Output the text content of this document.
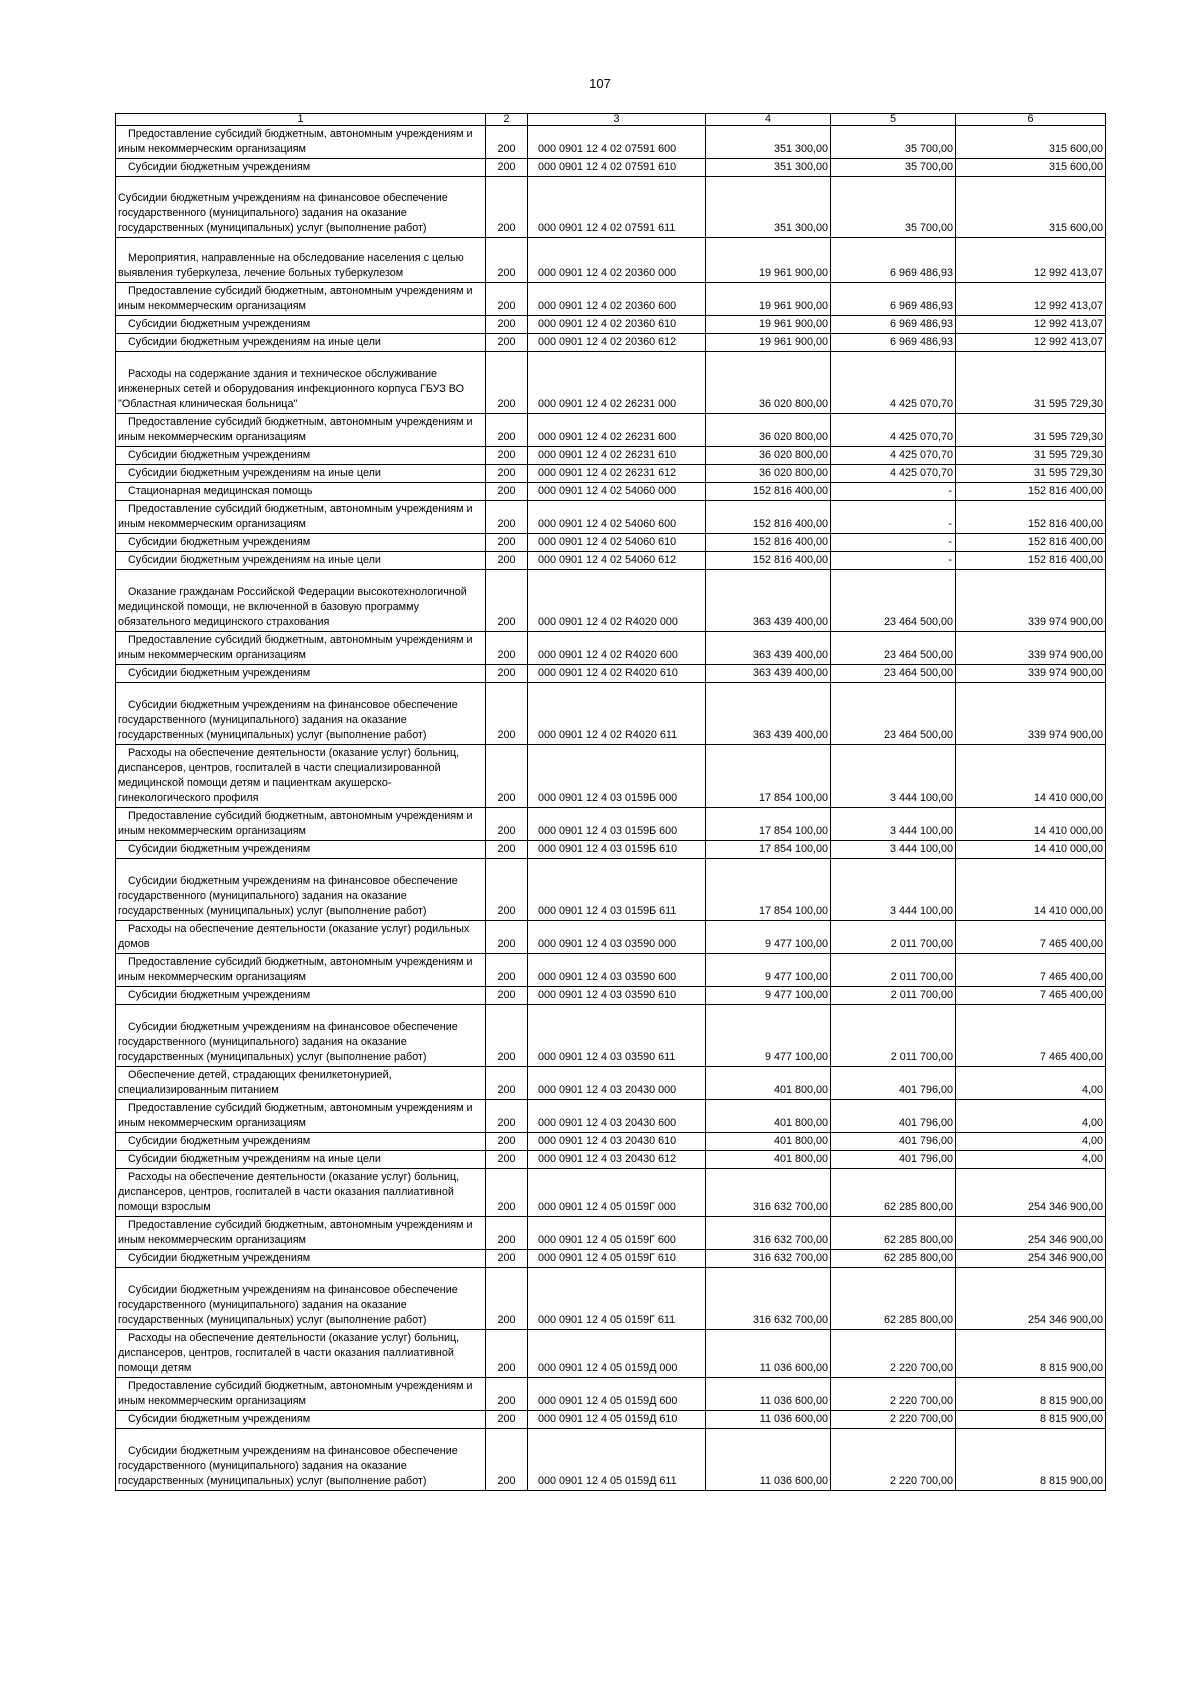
107
1	2	3	4	5	6
Предоставление субсидий бюджетным, автономным учреждениям и иным некоммерческим организациям	200	000 0901 12 4 02 07591 600	351 300,00	35 700,00	315 600,00
Субсидии бюджетным учреждениям	200	000 0901 12 4 02 07591 610	351 300,00	35 700,00	315 600,00
Субсидии бюджетным учреждениям на финансовое обеспечение государственного (муниципального) задания на оказание государственных (муниципальных) услуг (выполнение работ)	200	000 0901 12 4 02 07591 611	351 300,00	35 700,00	315 600,00
Мероприятия, направленные на обследование населения с целью выявления туберкулеза, лечение больных туберкулезом	200	000 0901 12 4 02 20360 000	19 961 900,00	6 969 486,93	12 992 413,07
Предоставление субсидий бюджетным, автономным учреждениям и иным некоммерческим организациям	200	000 0901 12 4 02 20360 600	19 961 900,00	6 969 486,93	12 992 413,07
Субсидии бюджетным учреждениям	200	000 0901 12 4 02 20360 610	19 961 900,00	6 969 486,93	12 992 413,07
Субсидии бюджетным учреждениям на иные цели	200	000 0901 12 4 02 20360 612	19 961 900,00	6 969 486,93	12 992 413,07
Расходы на содержание здания и техническое обслуживание инженерных сетей и оборудования инфекционного корпуса ГБУЗ ВО "Областная клиническая больница"	200	000 0901 12 4 02 26231 000	36 020 800,00	4 425 070,70	31 595 729,30
Предоставление субсидий бюджетным, автономным учреждениям и иным некоммерческим организациям	200	000 0901 12 4 02 26231 600	36 020 800,00	4 425 070,70	31 595 729,30
Субсидии бюджетным учреждениям	200	000 0901 12 4 02 26231 610	36 020 800,00	4 425 070,70	31 595 729,30
Субсидии бюджетным учреждениям на иные цели	200	000 0901 12 4 02 26231 612	36 020 800,00	4 425 070,70	31 595 729,30
Стационарная медицинская помощь	200	000 0901 12 4 02 54060 000	152 816 400,00	-	152 816 400,00
Предоставление субсидий бюджетным, автономным учреждениям и иным некоммерческим организациям	200	000 0901 12 4 02 54060 600	152 816 400,00	-	152 816 400,00
Субсидии бюджетным учреждениям	200	000 0901 12 4 02 54060 610	152 816 400,00	-	152 816 400,00
Субсидии бюджетным учреждениям на иные цели	200	000 0901 12 4 02 54060 612	152 816 400,00	-	152 816 400,00
Оказание гражданам Российской Федерации высокотехнологичной медицинской помощи, не включенной в базовую программу обязательного медицинского страхования	200	000 0901 12 4 02 R4020 000	363 439 400,00	23 464 500,00	339 974 900,00
Предоставление субсидий бюджетным, автономным учреждениям и иным некоммерческим организациям	200	000 0901 12 4 02 R4020 600	363 439 400,00	23 464 500,00	339 974 900,00
Субсидии бюджетным учреждениям	200	000 0901 12 4 02 R4020 610	363 439 400,00	23 464 500,00	339 974 900,00
Субсидии бюджетным учреждениям на финансовое обеспечение государственного (муниципального) задания на оказание государственных (муниципальных) услуг (выполнение работ)	200	000 0901 12 4 02 R4020 611	363 439 400,00	23 464 500,00	339 974 900,00
Расходы на обеспечение деятельности (оказание услуг) больниц, диспансеров, центров, госпиталей в части специализированной медицинской помощи детям и пациенткам акушерско-гинекологического профиля	200	000 0901 12 4 03 0159Б 000	17 854 100,00	3 444 100,00	14 410 000,00
Предоставление субсидий бюджетным, автономным учреждениям и иным некоммерческим организациям	200	000 0901 12 4 03 0159Б 600	17 854 100,00	3 444 100,00	14 410 000,00
Субсидии бюджетным учреждениям	200	000 0901 12 4 03 0159Б 610	17 854 100,00	3 444 100,00	14 410 000,00
Субсидии бюджетным учреждениям на финансовое обеспечение государственного (муниципального) задания на оказание государственных (муниципальных) услуг (выполнение работ)	200	000 0901 12 4 03 0159Б 611	17 854 100,00	3 444 100,00	14 410 000,00
Расходы на обеспечение деятельности (оказание услуг) родильных домов	200	000 0901 12 4 03 03590 000	9 477 100,00	2 011 700,00	7 465 400,00
Предоставление субсидий бюджетным, автономным учреждениям и иным некоммерческим организациям	200	000 0901 12 4 03 03590 600	9 477 100,00	2 011 700,00	7 465 400,00
Субсидии бюджетным учреждениям	200	000 0901 12 4 03 03590 610	9 477 100,00	2 011 700,00	7 465 400,00
Субсидии бюджетным учреждениям на финансовое обеспечение государственного (муниципального) задания на оказание государственных (муниципальных) услуг (выполнение работ)	200	000 0901 12 4 03 03590 611	9 477 100,00	2 011 700,00	7 465 400,00
Обеспечение детей, страдающих фенилкетонурией, специализированным питанием	200	000 0901 12 4 03 20430 000	401 800,00	401 796,00	4,00
Предоставление субсидий бюджетным, автономным учреждениям и иным некоммерческим организациям	200	000 0901 12 4 03 20430 600	401 800,00	401 796,00	4,00
Субсидии бюджетным учреждениям	200	000 0901 12 4 03 20430 610	401 800,00	401 796,00	4,00
Субсидии бюджетным учреждениям на иные цели	200	000 0901 12 4 03 20430 612	401 800,00	401 796,00	4,00
Расходы на обеспечение деятельности (оказание услуг) больниц, диспансеров, центров, госпиталей в части оказания паллиативной помощи взрослым	200	000 0901 12 4 05 0159Г 000	316 632 700,00	62 285 800,00	254 346 900,00
Предоставление субсидий бюджетным, автономным учреждениям и иным некоммерческим организациям	200	000 0901 12 4 05 0159Г 600	316 632 700,00	62 285 800,00	254 346 900,00
Субсидии бюджетным учреждениям	200	000 0901 12 4 05 0159Г 610	316 632 700,00	62 285 800,00	254 346 900,00
Субсидии бюджетным учреждениям на финансовое обеспечение государственного (муниципального) задания на оказание государственных (муниципальных) услуг (выполнение работ)	200	000 0901 12 4 05 0159Г 611	316 632 700,00	62 285 800,00	254 346 900,00
Расходы на обеспечение деятельности (оказание услуг) больниц, диспансеров, центров, госпиталей в части оказания паллиативной помощи детям	200	000 0901 12 4 05 0159Д 000	11 036 600,00	2 220 700,00	8 815 900,00
Предоставление субсидий бюджетным, автономным учреждениям и иным некоммерческим организациям	200	000 0901 12 4 05 0159Д 600	11 036 600,00	2 220 700,00	8 815 900,00
Субсидии бюджетным учреждениям	200	000 0901 12 4 05 0159Д 610	11 036 600,00	2 220 700,00	8 815 900,00
Субсидии бюджетным учреждениям на финансовое обеспечение государственного (муниципального) задания на оказание государственных (муниципальных) услуг (выполнение работ)	200	000 0901 12 4 05 0159Д 611	11 036 600,00	2 220 700,00	8 815 900,00
